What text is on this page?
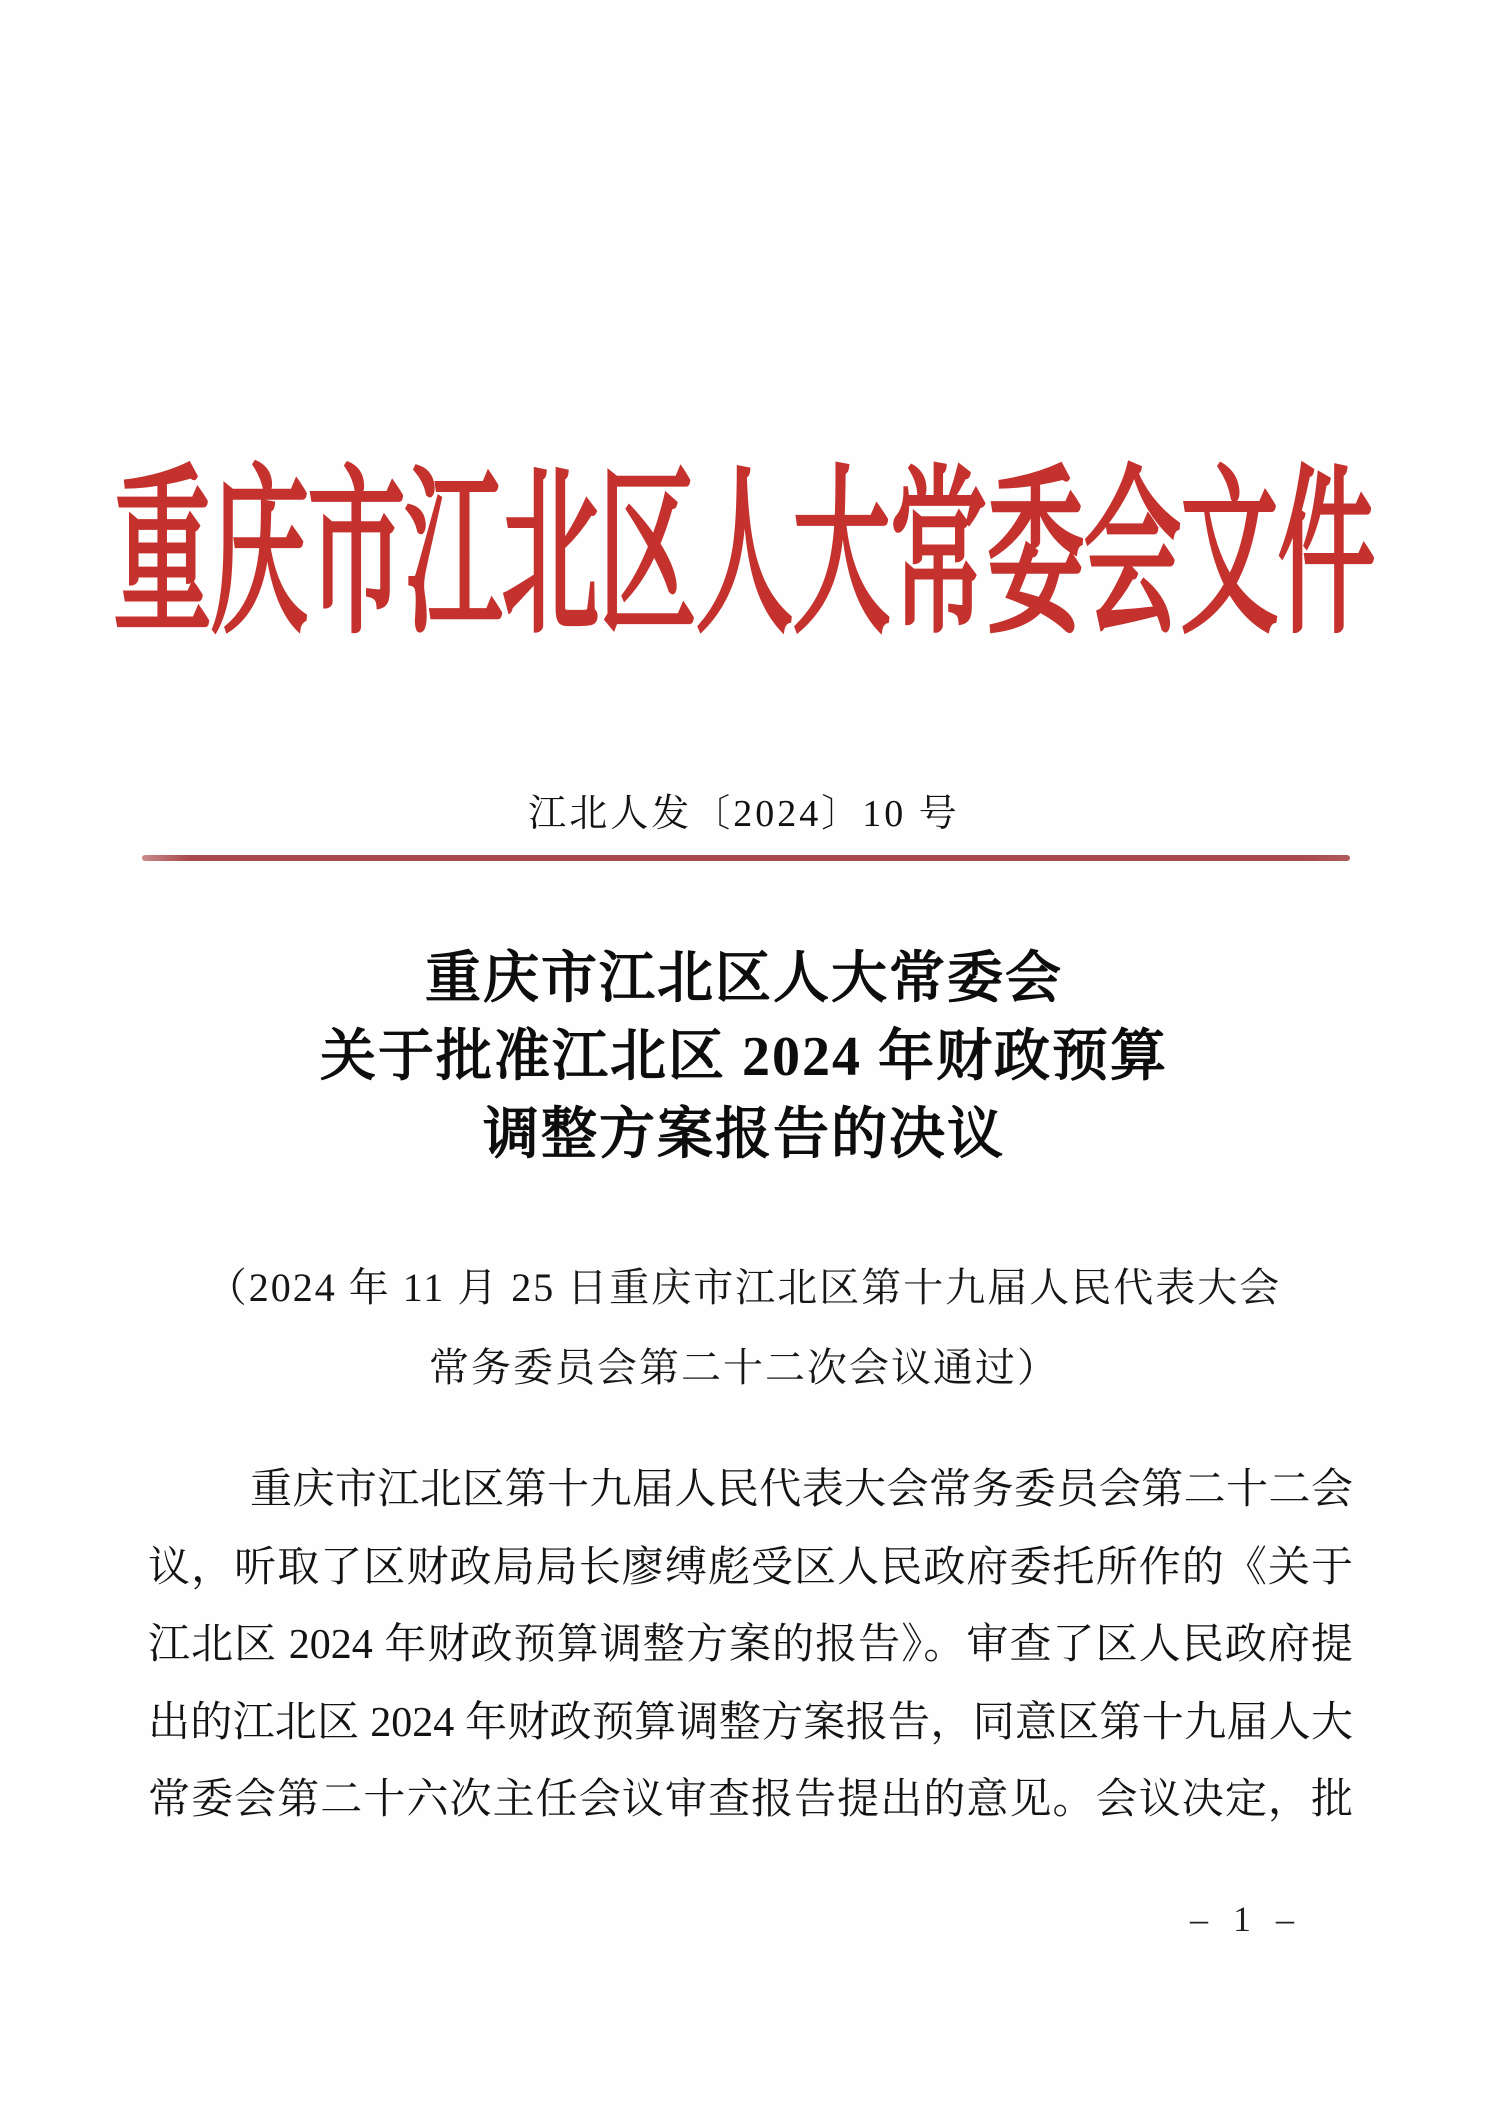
重庆市江北区人大常委会文件
江北人发〔2024〕10 号
重庆市江北区人大常委会
关于批准江北区 2024 年财政预算
调整方案报告的决议
（2024 年 11 月 25 日重庆市江北区第十九届人民代表大会
常务委员会第二十二次会议通过）
重庆市江北区第十九届人民代表大会常务委员会第二十二会
议，听取了区财政局局长廖缚彪受区人民政府委托所作的《关于
江北区 2024 年财政预算调整方案的报告》。审查了区人民政府提
出的江北区 2024 年财政预算调整方案报告，同意区第十九届人大
常委会第二十六次主任会议审查报告提出的意见。会议决定，批
– 1 –
